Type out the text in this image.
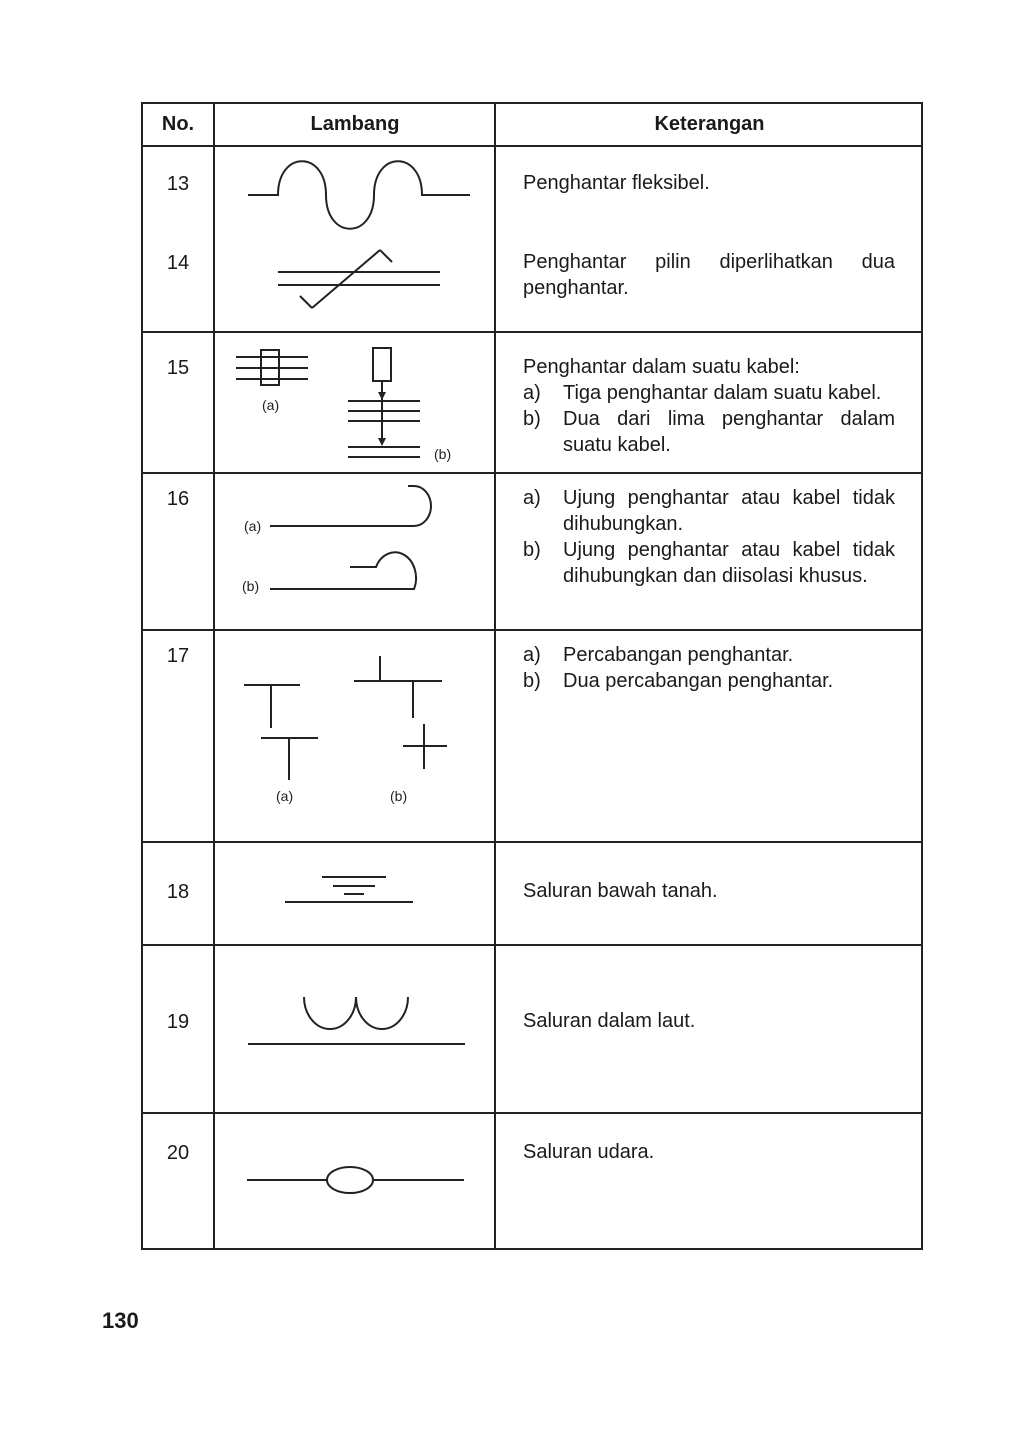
No.	Lambang	Keterangan
13	Penghantar fleksibel.
14	Penghantar pilin diperlihatkan dua penghantar.
15	Penghantar dalam suatu kabel:
a)	Tiga penghantar dalam suatu kabel.
b)	Dua dari lima penghantar dalam suatu kabel.
(a)
(b)
16	a)	Ujung penghantar atau kabel tidak dihubungkan.
b)	Ujung penghantar atau kabel tidak dihubungkan dan diisolasi khusus.
(a)
(b)
17	a)	Percabangan penghantar.
b)	Dua percabangan penghantar.
(a)	(b)
18	Saluran bawah tanah.
19	Saluran dalam laut.
20	Saluran udara.
130
